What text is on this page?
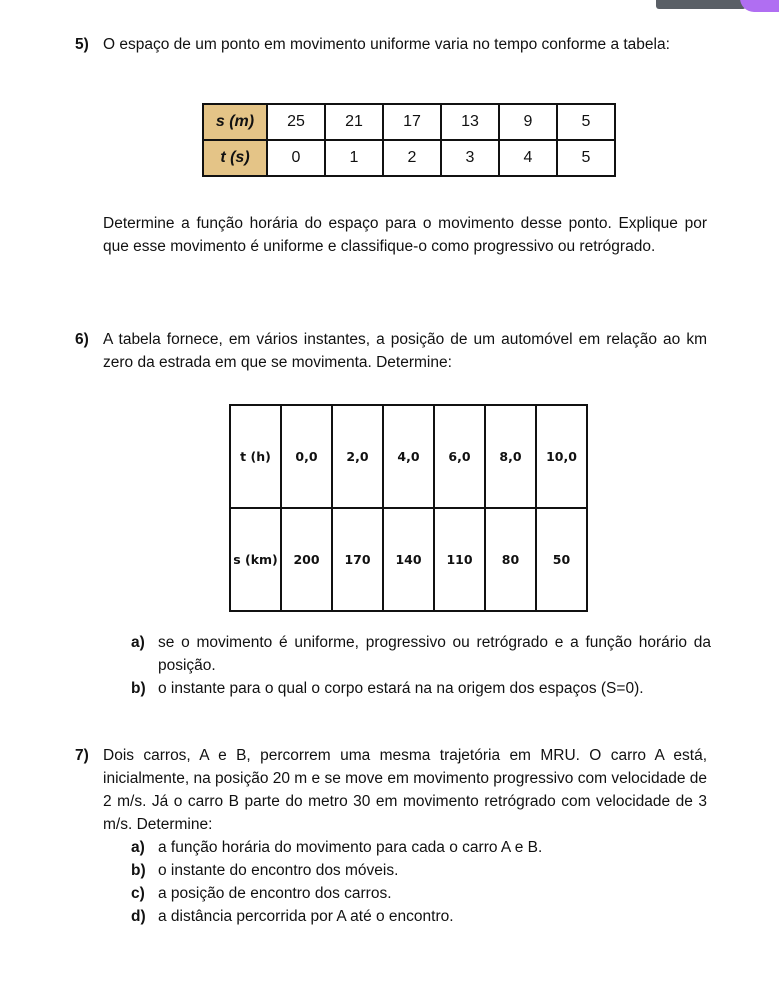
5) O espaço de um ponto em movimento uniforme varia no tempo conforme a tabela:
s (m)	25	21	17	13	9	5
t (s)	0	1	2	3	4	5
Determine a função horária do espaço para o movimento desse ponto. Explique por que esse movimento é uniforme e classifique-o como progressivo ou retrógrado.
6) A tabela fornece, em vários instantes, a posição de um automóvel em relação ao km zero da estrada em que se movimenta. Determine:
t (h)	0,0	2,0	4,0	6,0	8,0	10,0
s (km)	200	170	140	110	80	50
a) se o movimento é uniforme, progressivo ou retrógrado e a função horário da posição.
b) o instante para o qual o corpo estará na na origem dos espaços (S=0).
7) Dois carros, A e B, percorrem uma mesma trajetória em MRU. O carro A está, inicialmente, na posição 20 m e se move em movimento progressivo com velocidade de 2 m/s. Já o carro B parte do metro 30 em movimento retrógrado com velocidade de 3 m/s. Determine:
a) a função horária do movimento para cada o carro A e B.
b) o instante do encontro dos móveis.
c) a posição de encontro dos carros.
d) a distância percorrida por A até o encontro.
